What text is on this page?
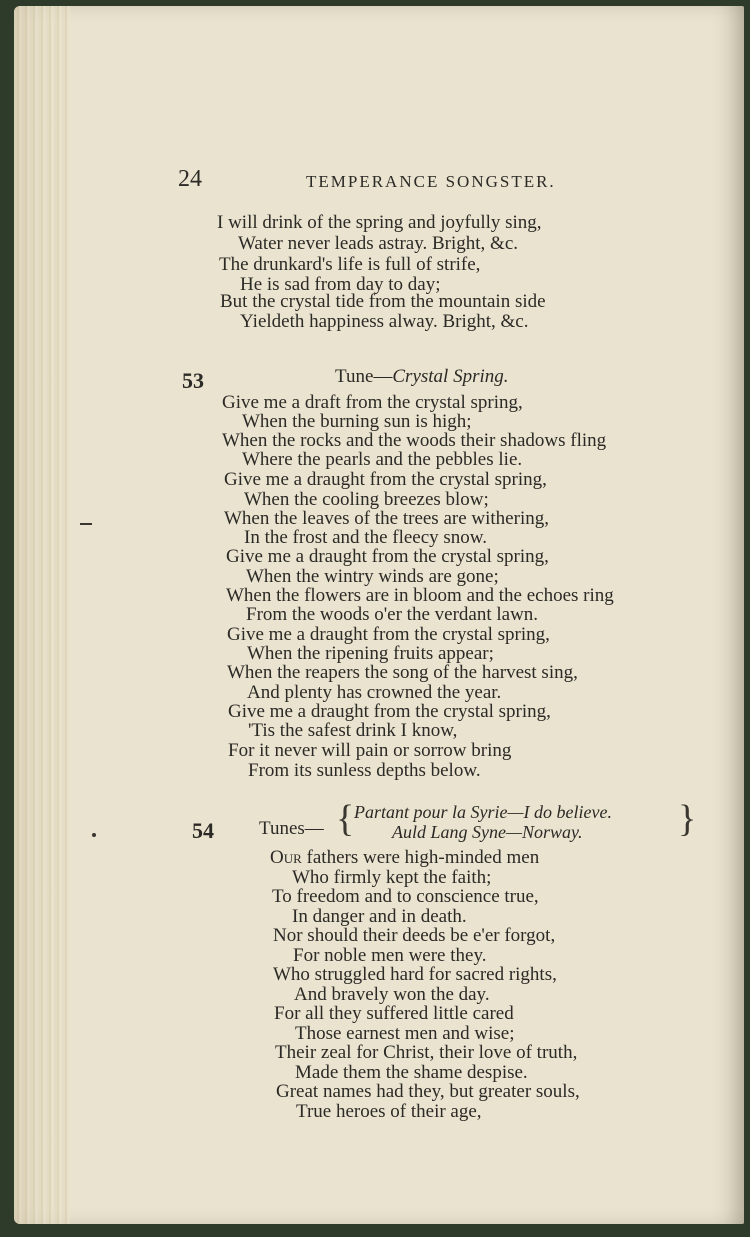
24	TEMPERANCE SONGSTER.
I will drink of the spring and joyfully sing,
Water never leads astray. Bright, &c.
The drunkard's life is full of strife,
He is sad from day to day;
But the crystal tide from the mountain side
Yieldeth happiness alway. Bright, &c.
53	Tune—Crystal Spring.
Give me a draft from the crystal spring,
When the burning sun is high;
When the rocks and the woods their shadows fling
Where the pearls and the pebbles lie.
Give me a draught from the crystal spring,
When the cooling breezes blow;
When the leaves of the trees are withering,
In the frost and the fleecy snow.
Give me a draught from the crystal spring,
When the wintry winds are gone;
When the flowers are in bloom and the echoes ring
From the woods o'er the verdant lawn.
Give me a draught from the crystal spring,
When the ripening fruits appear;
When the reapers the song of the harvest sing,
And plenty has crowned the year.
Give me a draught from the crystal spring,
'Tis the safest drink I know,
For it never will pain or sorrow bring
From its sunless depths below.
54 Tunes— { Partant pour la Syrie—I do believe.
Auld Lang Syne—Norway.	}
Our fathers were high-minded men
Who firmly kept the faith;
To freedom and to conscience true,
In danger and in death.
Nor should their deeds be e'er forgot,
For noble men were they.
Who struggled hard for sacred rights,
And bravely won the day.
For all they suffered little cared
Those earnest men and wise;
Their zeal for Christ, their love of truth,
Made them the shame despise.
Great names had they, but greater souls,
True heroes of their age,
